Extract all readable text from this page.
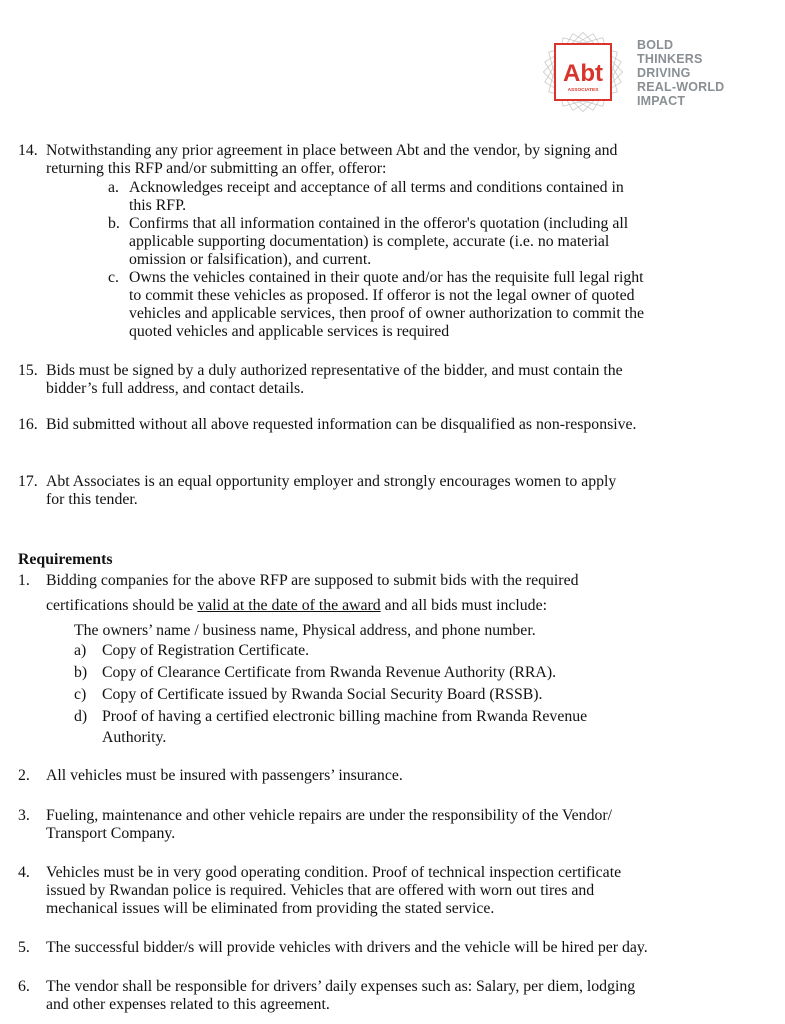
Abt
ASSOCIATES
BOLD
THINKERS
DRIVING
REAL-WORLD
IMPACT
14. Notwithstanding any prior agreement in place between Abt and the vendor, by signing and
returning this RFP and/or submitting an offer, offeror:
a. Acknowledges receipt and acceptance of all terms and conditions contained in
this RFP.
b. Confirms that all information contained in the offeror's quotation (including all
applicable supporting documentation) is complete, accurate (i.e. no material
omission or falsification), and current.
c. Owns the vehicles contained in their quote and/or has the requisite full legal right
to commit these vehicles as proposed. If offeror is not the legal owner of quoted
vehicles and applicable services, then proof of owner authorization to commit the
quoted vehicles and applicable services is required
15. Bids must be signed by a duly authorized representative of the bidder, and must contain the
bidder’s full address, and contact details.
16. Bid submitted without all above requested information can be disqualified as non-responsive.
17. Abt Associates is an equal opportunity employer and strongly encourages women to apply
for this tender.
Requirements
1. Bidding companies for the above RFP are supposed to submit bids with the required
certifications should be valid at the date of the award and all bids must include:
The owners’ name / business name, Physical address, and phone number.
a) Copy of Registration Certificate.
b) Copy of Clearance Certificate from Rwanda Revenue Authority (RRA).
c) Copy of Certificate issued by Rwanda Social Security Board (RSSB).
d) Proof of having a certified electronic billing machine from Rwanda Revenue
Authority.
2. All vehicles must be insured with passengers’ insurance.
3. Fueling, maintenance and other vehicle repairs are under the responsibility of the Vendor/
Transport Company.
4. Vehicles must be in very good operating condition. Proof of technical inspection certificate
issued by Rwandan police is required. Vehicles that are offered with worn out tires and
mechanical issues will be eliminated from providing the stated service.
5. The successful bidder/s will provide vehicles with drivers and the vehicle will be hired per day.
6. The vendor shall be responsible for drivers’ daily expenses such as: Salary, per diem, lodging
and other expenses related to this agreement.
